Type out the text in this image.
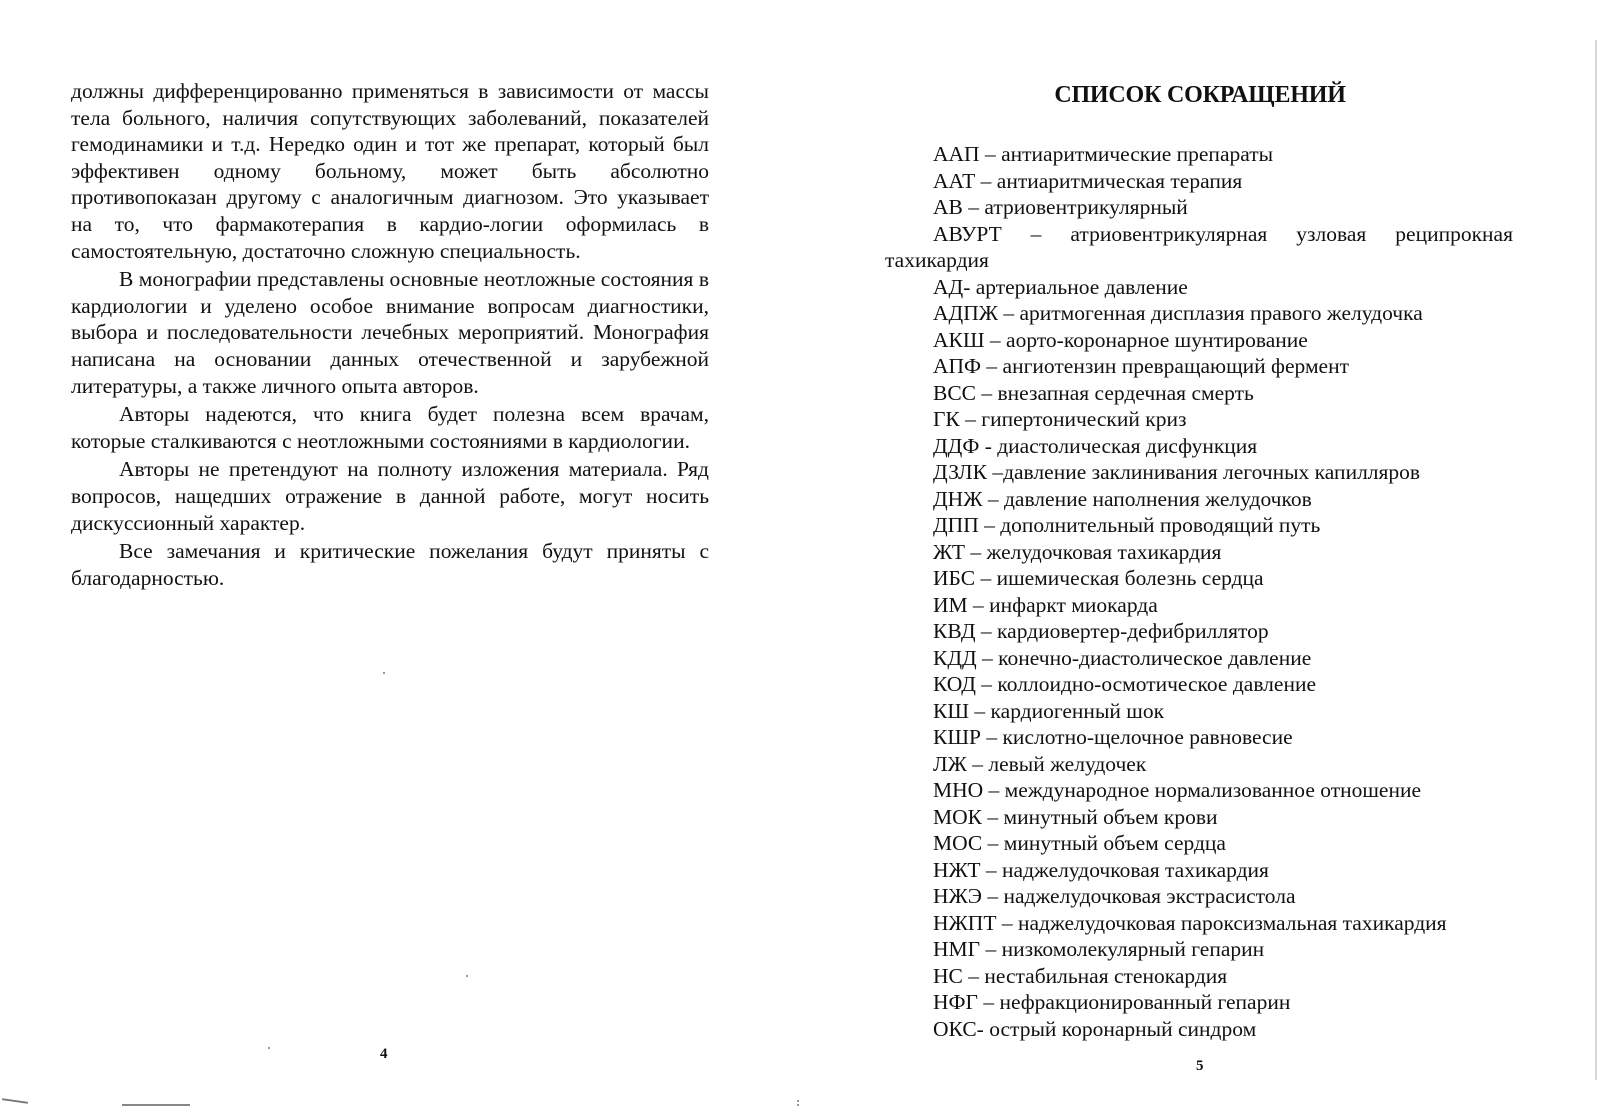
должны дифференцированно применяться в зависимости от массы тела больного, наличия сопутствующих заболеваний, показателей гемодинамики и т.д. Нередко один и тот же препарат, который был эффективен одному больному, может быть абсолютно противопоказан другому с аналогичным диагнозом. Это указывает на то, что фармакотерапия в кардио-логии оформилась в самостоятельную, достаточно сложную специальность.

В монографии представлены основные неотложные состояния в кардиологии и уделено особое внимание вопросам диагностики, выбора и последовательности лечебных мероприятий. Монография написана на основании данных отечественной и зарубежной литературы, а также личного опыта авторов.

Авторы надеются, что книга будет полезна всем врачам, которые сталкиваются с неотложными состояниями в кардиологии.

Авторы не претендуют на полноту изложения материала. Ряд вопросов, нащедших отражение в данной работе, могут носить дискуссионный характер.

Все замечания и критические пожелания будут приняты с благодарностью.

4
СПИСОК СОКРАЩЕНИЙ
ААП – антиаритмические препараты
ААТ – антиаритмическая терапия
АВ – атриовентрикулярный
АВУРТ – атриовентрикулярная узловая реципрокная
тахикардия
АД- артериальное давление
АДПЖ – аритмогенная дисплазия правого желудочка
АКШ – аорто-коронарное шунтирование
АПФ – ангиотензин превращающий фермент
ВСС – внезапная сердечная смерть
ГК – гипертонический криз
ДДФ - диастолическая дисфункция
ДЗЛК –давление заклинивания легочных капилляров
ДНЖ – давление наполнения желудочков
ДПП – дополнительный проводящий путь
ЖТ – желудочковая тахикардия
ИБС – ишемическая болезнь сердца
ИМ – инфаркт миокарда
КВД – кардиовертер-дефибриллятор
КДД – конечно-диастолическое давление
КОД – коллоидно-осмотическое давление
КШ – кардиогенный шок
КШР – кислотно-щелочное равновесие
ЛЖ – левый желудочек
МНО – международное нормализованное отношение
МОК – минутный объем крови
МОС – минутный объем сердца
НЖТ – наджелудочковая тахикардия
НЖЭ – наджелудочковая экстрасистола
НЖПТ – наджелудочковая пароксизмальная тахикардия
НМГ – низкомолекулярный гепарин
НС – нестабильная стенокардия
НФГ – нефракционированный гепарин
ОКС- острый коронарный синдром
5
